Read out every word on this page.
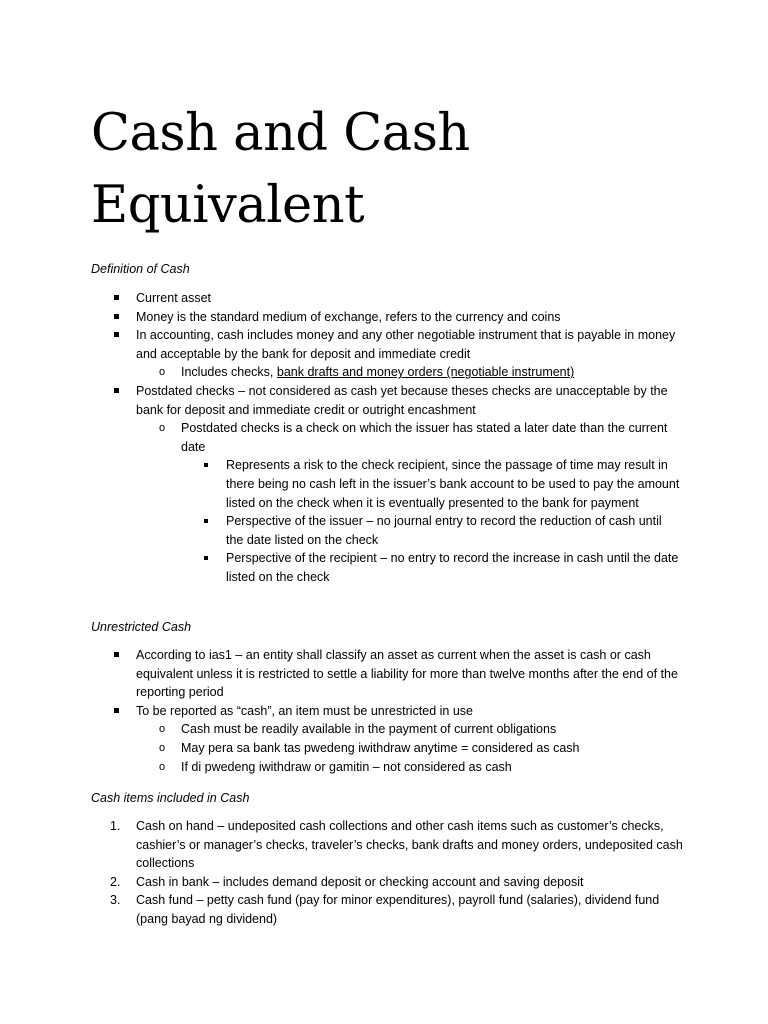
Cash and Cash
Equivalent

Definition of Cash

Current asset
Money is the standard medium of exchange, refers to the currency and coins
In accounting, cash includes money and any other negotiable instrument that is payable in money and acceptable by the bank for deposit and immediate credit
o Includes checks, bank drafts and money orders (negotiable instrument)
Postdated checks – not considered as cash yet because theses checks are unacceptable by the bank for deposit and immediate credit or outright encashment
o Postdated checks is a check on which the issuer has stated a later date than the current date
Represents a risk to the check recipient, since the passage of time may result in there being no cash left in the issuer’s bank account to be used to pay the amount listed on the check when it is eventually presented to the bank for payment
Perspective of the issuer – no journal entry to record the reduction of cash until the date listed on the check
Perspective of the recipient – no entry to record the increase in cash until the date listed on the check

Unrestricted Cash

According to ias1 – an entity shall classify an asset as current when the asset is cash or cash equivalent unless it is restricted to settle a liability for more than twelve months after the end of the reporting period
To be reported as “cash”, an item must be unrestricted in use
o Cash must be readily available in the payment of current obligations
o May pera sa bank tas pwedeng iwithdraw anytime = considered as cash
o If di pwedeng iwithdraw or gamitin – not considered as cash

Cash items included in Cash

1. Cash on hand – undeposited cash collections and other cash items such as customer’s checks, cashier’s or manager’s checks, traveler’s checks, bank drafts and money orders, undeposited cash collections
2. Cash in bank – includes demand deposit or checking account and saving deposit
3. Cash fund – petty cash fund (pay for minor expenditures), payroll fund (salaries), dividend fund (pang bayad ng dividend)
